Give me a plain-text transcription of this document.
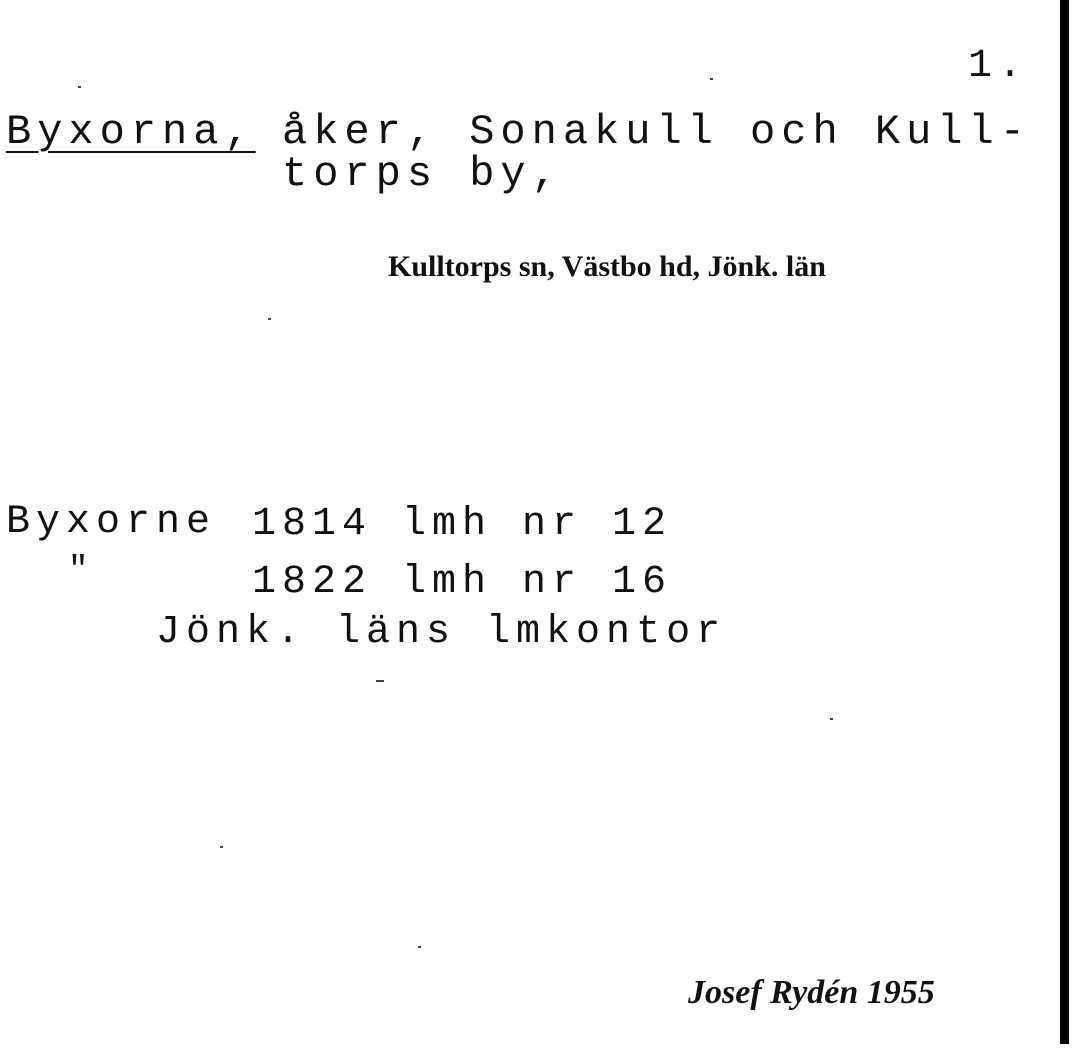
1.
Byxorna, åker, Sonakull och Kull-
torps by,
Kulltorps sn, Västbo hd, Jönk. län
Byxorne 1814 lmh nr 12
"	1822 lmh nr 16
Jönk. läns lmkontor
Josef Rydén 1955
